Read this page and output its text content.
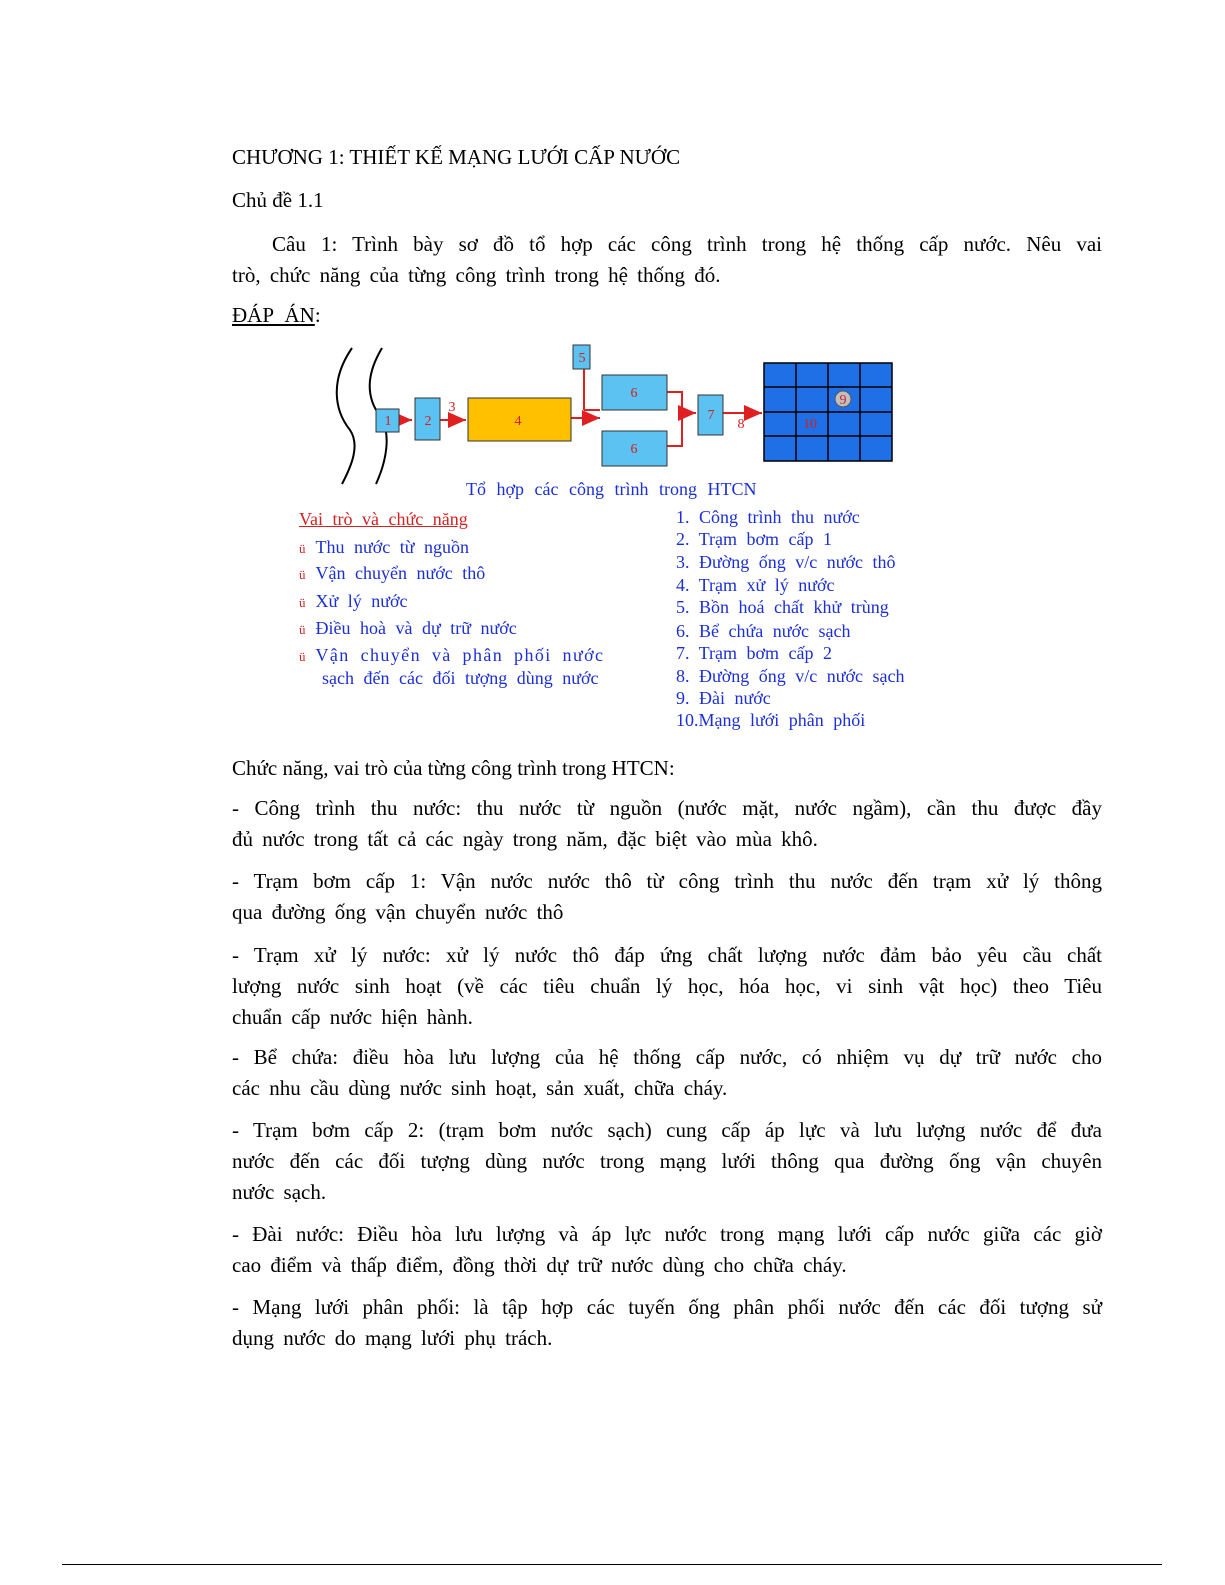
CHƯƠNG 1: THIẾT KẾ MẠNG LƯỚI CẤP NƯỚC
Chủ đề 1.1
Câu 1: Trình bày sơ đồ tổ hợp các công trình trong hệ thống cấp nước. Nêu vai
trò, chức năng của từng công trình trong hệ thống đó.
ĐÁP ÁN:
1 2
3
4
5
6
6
7
8
9
10
Tổ hợp các công trình trong HTCN
Vai trò và chức năng
ü Thu nước từ nguồn
ü Vận chuyển nước thô
ü Xử lý nước
ü Điều hoà và dự trữ nước
ü Vận chuyển và phân phối nước
sạch đến các đối tượng dùng nước
1. Công trình thu nước
2. Trạm bơm cấp 1
3. Đường ống v/c nước thô
4. Trạm xử lý nước
5. Bồn hoá chất khử trùng
6. Bể chứa nước sạch
7. Trạm bơm cấp 2
8. Đường ống v/c nước sạch
9. Đài nước
10.Mạng lưới phân phối
Chức năng, vai trò của từng công trình trong HTCN:
- Công trình thu nước: thu nước từ nguồn (nước mặt, nước ngầm), cần thu được đầy
đủ nước trong tất cả các ngày trong năm, đặc biệt vào mùa khô.
- Trạm bơm cấp 1: Vận nước nước thô từ công trình thu nước đến trạm xử lý thông
qua đường ống vận chuyển nước thô
- Trạm xử lý nước: xử lý nước thô đáp ứng chất lượng nước đảm bảo yêu cầu chất
lượng nước sinh hoạt (về các tiêu chuẩn lý học, hóa học, vi sinh vật học) theo Tiêu
chuẩn cấp nước hiện hành.
- Bể chứa: điều hòa lưu lượng của hệ thống cấp nước, có nhiệm vụ dự trữ nước cho
các nhu cầu dùng nước sinh hoạt, sản xuất, chữa cháy.
- Trạm bơm cấp 2: (trạm bơm nước sạch) cung cấp áp lực và lưu lượng nước để đưa
nước đến các đối tượng dùng nước trong mạng lưới thông qua đường ống vận chuyên
nước sạch.
- Đài nước: Điều hòa lưu lượng và áp lực nước trong mạng lưới cấp nước giữa các giờ
cao điểm và thấp điểm, đồng thời dự trữ nước dùng cho chữa cháy.
- Mạng lưới phân phối: là tập hợp các tuyến ống phân phối nước đến các đối tượng sử
dụng nước do mạng lưới phụ trách.
